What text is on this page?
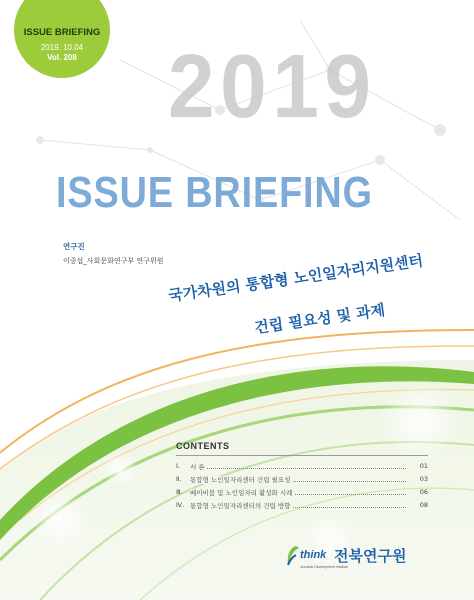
ISSUE BRIEFING
2019. 10.04
Vol. 208	2019
ISSUE BRIEFING
연구진
이중섭_사회문화연구부 연구위원 국가차원의 통합형 노인일자리지원센터
건립 필요성 및 과제
CONTENTS
Ⅰ. 서 론	01
Ⅱ. 통합형 노인일자리센터 건립 필요성	03
Ⅲ. 베이비붐 및 노인일자리 활성화 시례	06
Ⅳ. 통합형 노인일자리센터의 건립 방향	08
think 전북연구원
Jeonbuk Development Institute
